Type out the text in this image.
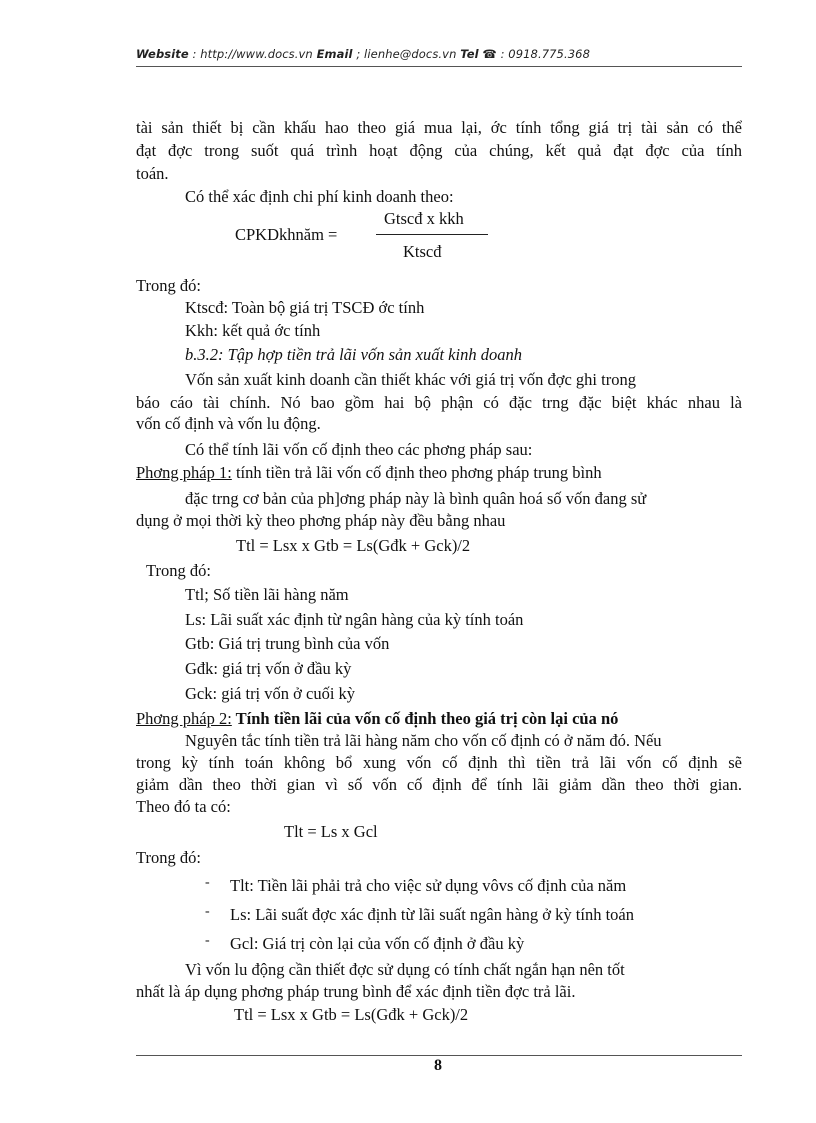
Website : http://www.docs.vn Email ; lienhe@docs.vn Tel ☎ : 0918.775.368
tài sản thiết bị cần khấu hao theo giá mua lại, ớc tính tổng giá trị tài sản có thể
đạt đợc trong suốt quá trình hoạt động của chúng, kết quả đạt đợc của tính
toán.
Có thể xác định chi phí kinh doanh theo:
CPKDkhnăm =
Gtscđ x kkh
Ktscđ
Trong đó:
Ktscđ: Toàn bộ giá trị TSCĐ ớc tính
Kkh: kết quả ớc tính
b.3.2: Tập hợp tiền trả lãi vốn sản xuất kinh doanh
Vốn sản xuất kinh doanh cần thiết khác với giá trị vốn đợc ghi trong
báo cáo tài chính. Nó bao gồm hai bộ phận có đặc trng đặc biệt khác nhau là
vốn cố định và vốn lu động.
Có thể tính lãi vốn cố định theo các phơng pháp sau:
Phơng pháp 1: tính tiền trả lãi vốn cố định theo phơng pháp trung bình
đặc trng cơ bản của ph]ơng pháp này là bình quân hoá số vốn đang sử
dụng ở mọi thời kỳ theo phơng pháp này đều bằng nhau
Ttl = Lsx x Gtb = Ls(Gđk + Gck)/2
Trong đó:
Ttl; Số tiền lãi hàng năm
Ls: Lãi suất xác định từ ngân hàng của kỳ tính toán
Gtb: Giá trị trung bình của vốn
Gđk: giá trị vốn ở đầu kỳ
Gck: giá trị vốn ở cuối kỳ
Phơng pháp 2: Tính tiền lãi của vốn cố định theo giá trị còn lại của nó
Nguyên tắc tính tiền trả lãi hàng năm cho vốn cố định có ở năm đó. Nếu
trong kỳ tính toán không bổ xung vốn cố định thì tiền trả lãi vốn cố định sẽ
giảm dần theo thời gian vì số vốn cố định để tính lãi giảm dần theo thời gian.
Theo đó ta có:
Tlt = Ls x Gcl
Trong đó:
- Tlt: Tiền lãi phải trả cho việc sử dụng vôvs cố định của năm
- Ls: Lãi suất đợc xác định từ lãi suất ngân hàng ở kỳ tính toán
- Gcl: Giá trị còn lại của vốn cố định ở đầu kỳ
Vì vốn lu động cần thiết đợc sử dụng có tính chất ngắn hạn nên tốt
nhất là áp dụng phơng pháp trung bình để xác định tiền đợc trả lãi.
Ttl = Lsx x Gtb = Ls(Gđk + Gck)/2
8
